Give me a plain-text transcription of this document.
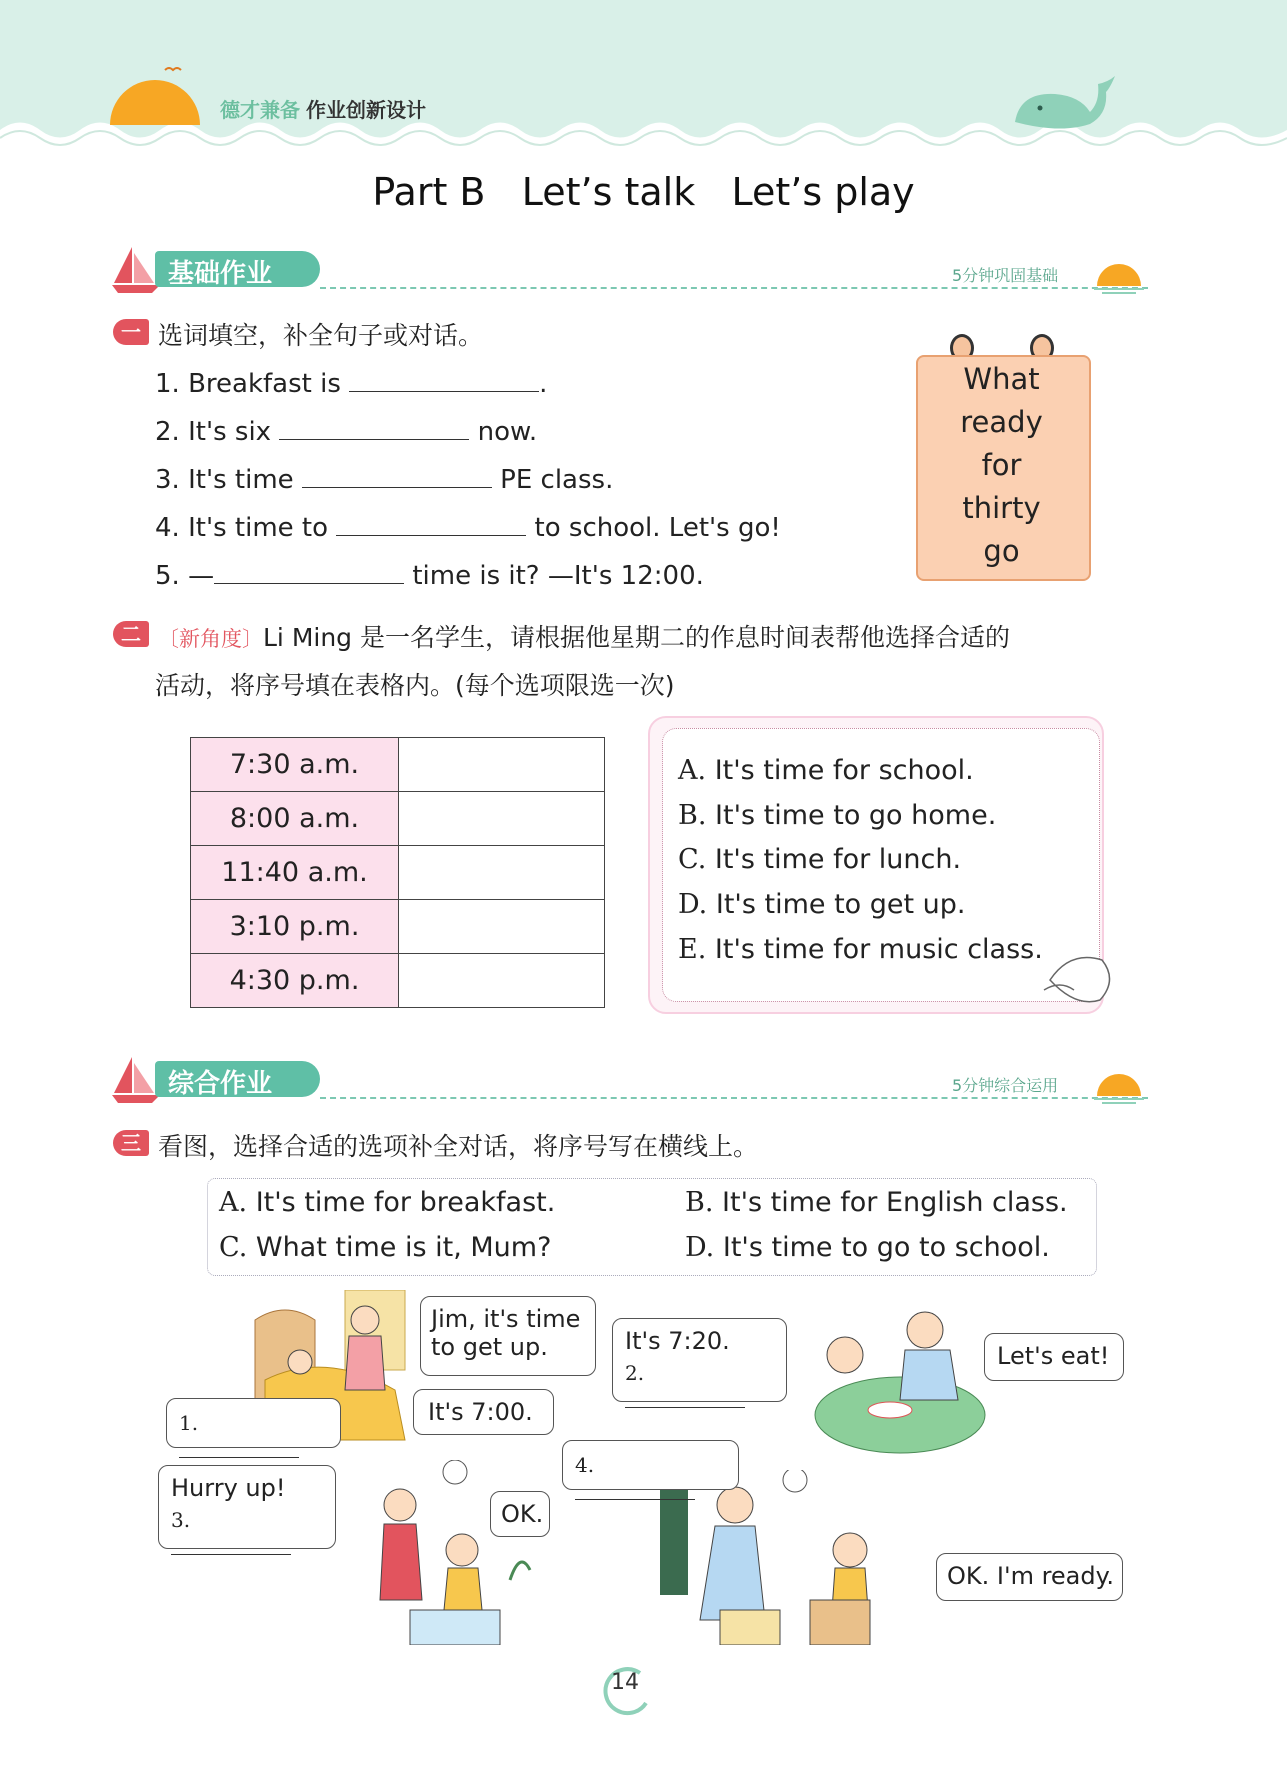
德才兼备 作业创新设计
Part B   Let’s talk   Let’s play
基础作业	5分钟巩固基础
一 选词填空，补全句子或对话。
1. Breakfast is	.
2. It's six	now.
3. It's time	PE class.
4. It's time to	to school. Let's go!
5. —	time is it? —It's 12:00.
What
ready
for
thirty
go
二 〔新角度〕Li Ming 是一名学生，请根据他星期二的作息时间表帮他选择合适的
活动，将序号填在表格内。(每个选项限选一次)
7:30 a.m.	
8:00 a.m.	
11:40 a.m.	
3:10 p.m.	
4:30 p.m.	
A. It's time for school.
B. It's time to go home.
C. It's time for lunch.
D. It's time to get up.
E. It's time for music class.
综合作业	5分钟综合运用
三 看图，选择合适的选项补全对话，将序号写在横线上。
A. It's time for breakfast.	B. It's time for English class.
C. What time is it, Mum?	D. It's time to go to school.
Jim, it's time
to get up.
It's 7:00.
1.
It's 7:20.
2.
Let's eat!
Hurry up!
3.	OK.
4.
OK. I'm ready.
14
